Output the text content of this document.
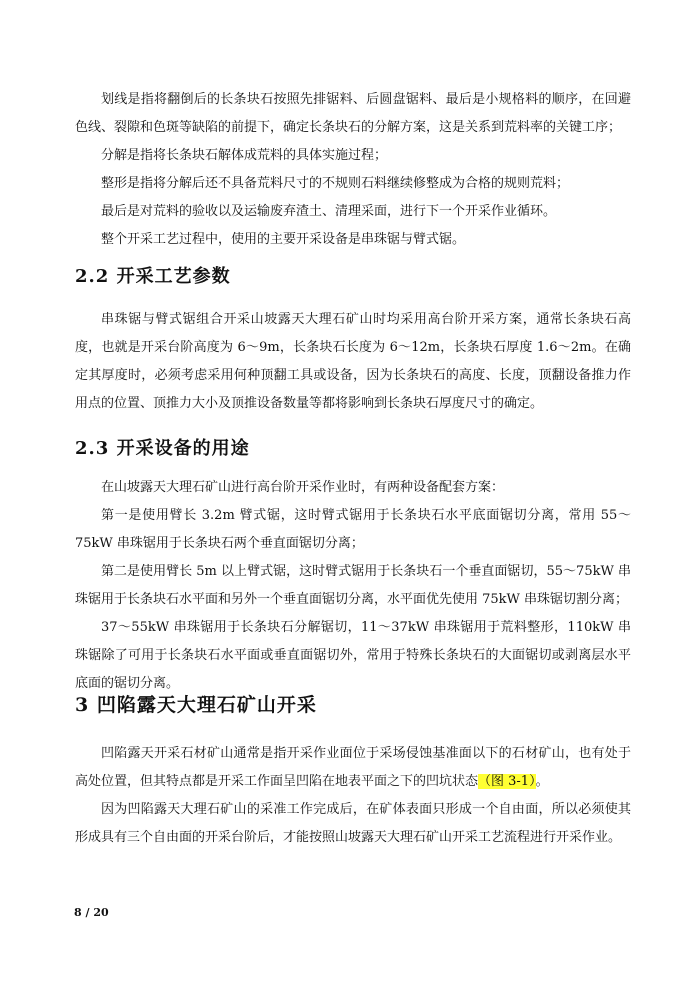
划线是指将翻倒后的长条块石按照先排锯料、后圆盘锯料、最后是小规格料的顺序，在回避色线、裂隙和色斑等缺陷的前提下，确定长条块石的分解方案，这是关系到荒料率的关键工序；

分解是指将长条块石解体成荒料的具体实施过程；

整形是指将分解后还不具备荒料尺寸的不规则石料继续修整成为合格的规则荒料；

最后是对荒料的验收以及运输废弃渣土、清理采面，进行下一个开采作业循环。

整个开采工艺过程中，使用的主要开采设备是串珠锯与臂式锯。

2.2 开采工艺参数

串珠锯与臂式锯组合开采山坡露天大理石矿山时均采用高台阶开采方案，通常长条块石高度，也就是开采台阶高度为 6～9m，长条块石长度为 6～12m，长条块石厚度 1.6～2m。在确定其厚度时，必须考虑采用何种顶翻工具或设备，因为长条块石的高度、长度，顶翻设备推力作用点的位置、顶推力大小及顶推设备数量等都将影响到长条块石厚度尺寸的确定。

2.3 开采设备的用途

在山坡露天大理石矿山进行高台阶开采作业时，有两种设备配套方案：

第一是使用臂长 3.2m 臂式锯，这时臂式锯用于长条块石水平底面锯切分离，常用 55～75kW 串珠锯用于长条块石两个垂直面锯切分离；

第二是使用臂长 5m 以上臂式锯，这时臂式锯用于长条块石一个垂直面锯切，55～75kW 串珠锯用于长条块石水平面和另外一个垂直面锯切分离，水平面优先使用 75kW 串珠锯切割分离；

37～55kW 串珠锯用于长条块石分解锯切，11～37kW 串珠锯用于荒料整形，110kW 串珠锯除了可用于长条块石水平面或垂直面锯切外，常用于特殊长条块石的大面锯切或剥离层水平底面的锯切分离。

3 凹陷露天大理石矿山开采

凹陷露天开采石材矿山通常是指开采作业面位于采场侵蚀基准面以下的石材矿山，也有处于高处位置，但其特点都是开采工作面呈凹陷在地表平面之下的凹坑状态（图 3-1）。

因为凹陷露天大理石矿山的采准工作完成后，在矿体表面只形成一个自由面，所以必须使其形成具有三个自由面的开采台阶后，才能按照山坡露天大理石矿山开采工艺流程进行开采作业。

8 / 20
